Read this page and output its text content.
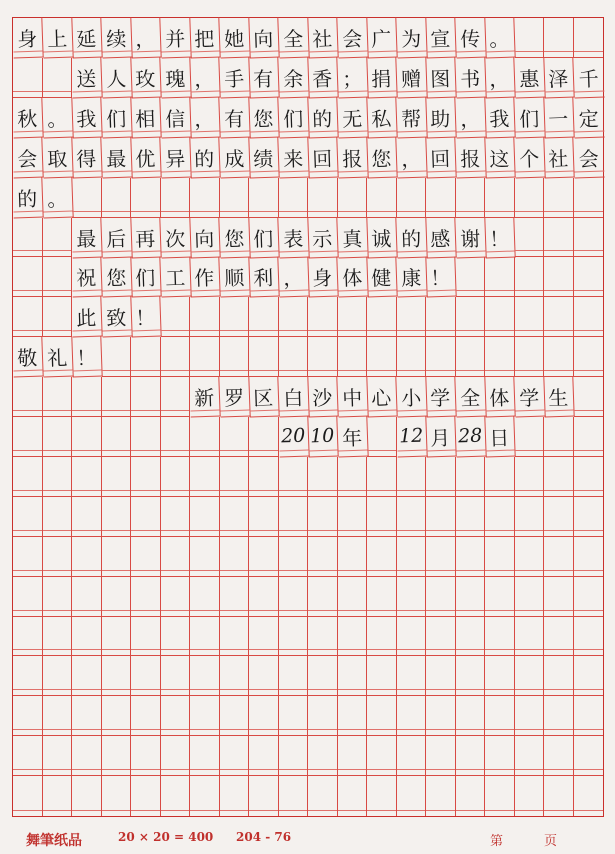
身 上 延 续 ， 并 把 她 向 全 社 会 广 为 宣 传 。
送 人 玫 瑰 ， 手 有 余 香 ； 捐 赠 图 书 ， 惠 泽 千
秋 。 我 们 相 信 ， 有 您 们 的 无 私 帮 助 ， 我 们 一 定
会 取 得 最 优 异 的 成 绩 来 回 报 您 ， 回 报 这 个 社 会
的 。
最 后 再 次 向 您 们 表 示 真 诚 的 感 谢 ！
祝 您 们 工 作 顺 利 ， 身 体 健 康 ！
此 致 ！
敬 礼 ！
新 罗 区 白 沙 中 心 小 学 全 体 学 生
20 10 年 12 月 28 日
舞筆纸品	20 × 20 = 400 204 - 76	第	页
